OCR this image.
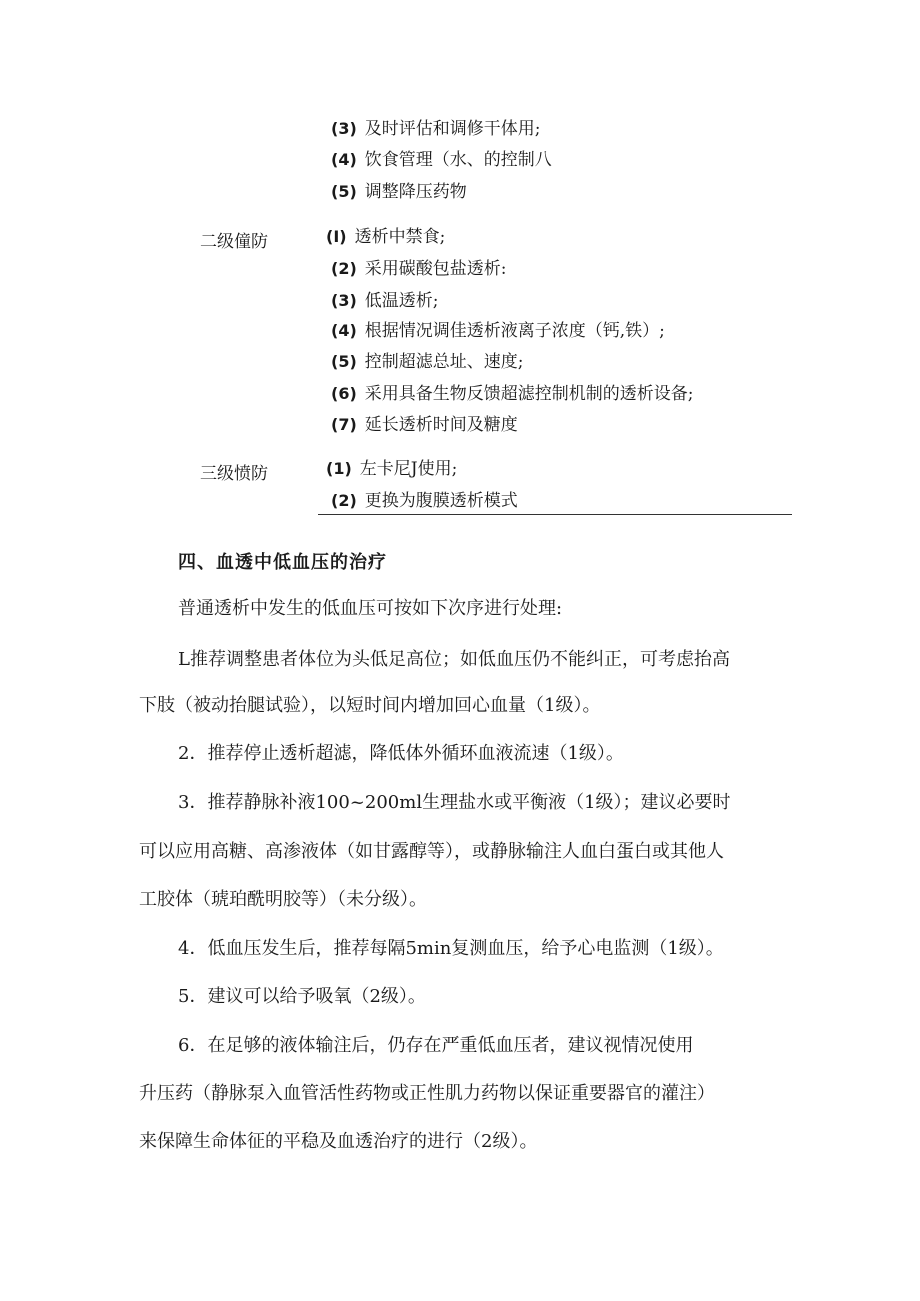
(3) 及时评估和调修干体用;
(4) 饮食管理（水、的控制八
(5) 调整降压药物
二级僮防	(I) 透析中禁食;
(2) 采用碳酸包盐透析:
(3) 低温透析;
(4) 根据情况调佳透析液离子浓度（钙,铁）;
(5) 控制超滤总址、速度;
(6) 采用具备生物反馈超滤控制机制的透析设备;
(7) 延长透析时间及糖度
三级愤防	(1) 左卡尼J使用;
(2) 更换为腹膜透析模式
四、血透中低血压的治疗
普通透析中发生的低血压可按如下次序进行处理:
L推荐调整患者体位为头低足高位；如低血压仍不能纠正，可考虑抬高
下肢（被动抬腿试验），以短时间内增加回心血量（1级）。
2．推荐停止透析超滤，降低体外循环血液流速（1级）。
3．推荐静脉补液100~200ml生理盐水或平衡液（1级）；建议必要时
可以应用高糖、高渗液体（如甘露醇等），或静脉输注人血白蛋白或其他人
工胶体（琥珀酰明胶等）（未分级）。
4．低血压发生后，推荐每隔5min复测血压，给予心电监测（1级）。
5．建议可以给予吸氧（2级）。
6．在足够的液体输注后，仍存在严重低血压者，建议视情况使用
升压药（静脉泵入血管活性药物或正性肌力药物以保证重要器官的灌注）
来保障生命体征的平稳及血透治疗的进行（2级）。
